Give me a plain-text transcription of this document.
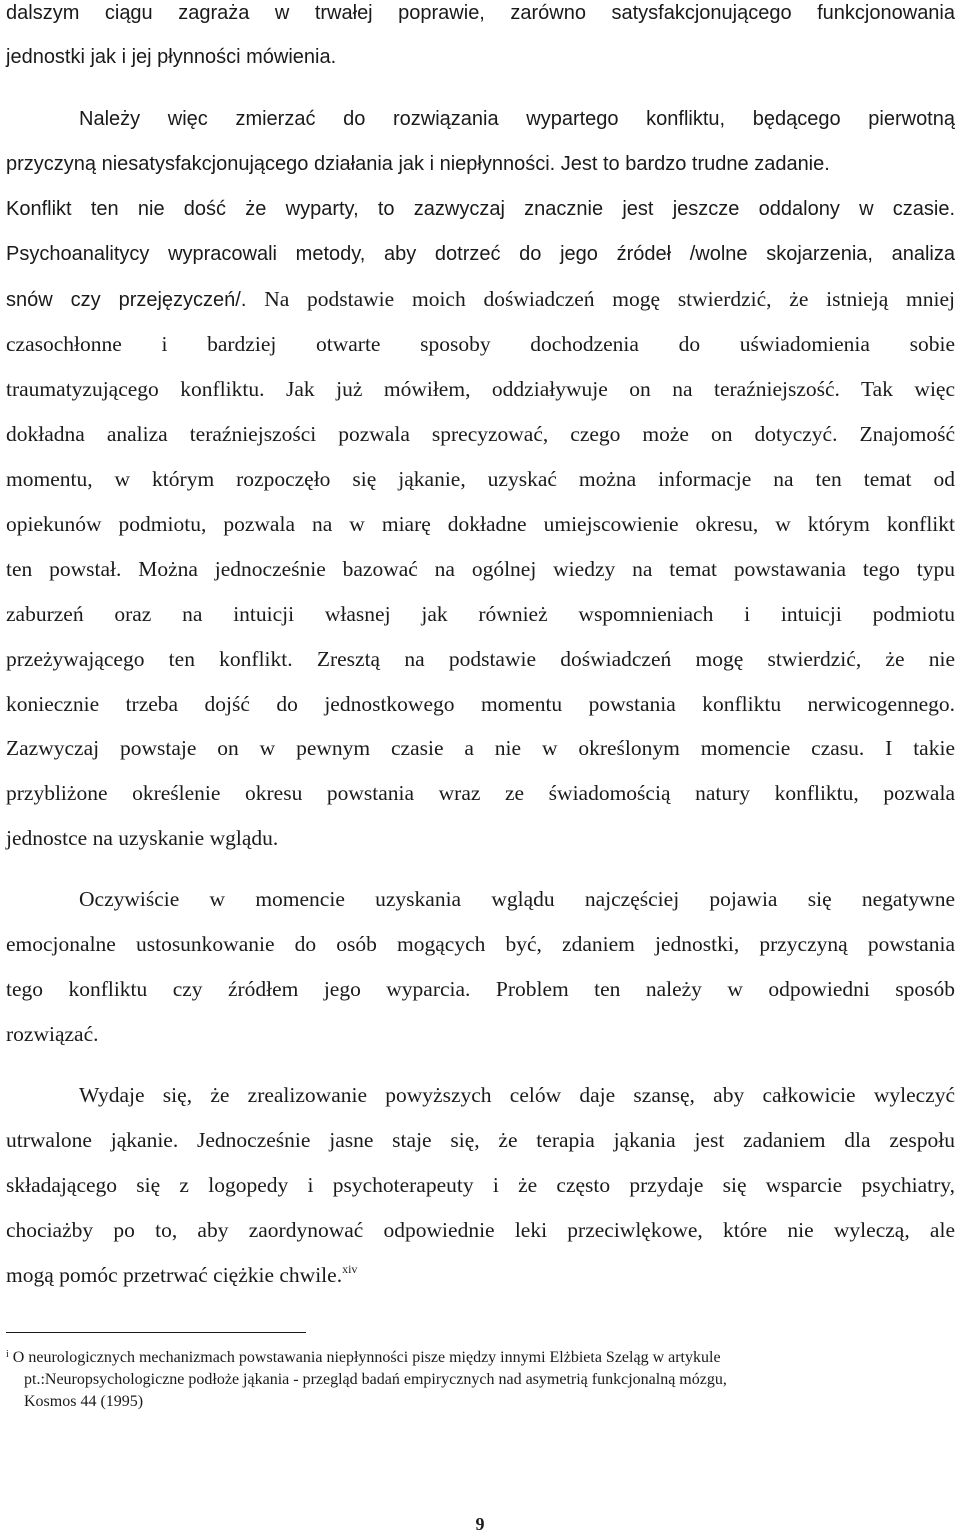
dalszym ciągu zagraża w trwałej poprawie, zarówno satysfakcjonującego funkcjonowania
jednostki jak i jej płynności mówienia.
Należy więc zmierzać do rozwiązania wypartego konfliktu, będącego pierwotną
przyczyną niesatysfakcjonującego działania jak i niepłynności. Jest to bardzo trudne zadanie.
Konflikt ten nie dość że wyparty, to zazwyczaj znacznie jest jeszcze oddalony w czasie.
Psychoanalitycy wypracowali metody, aby dotrzeć do jego źródeł /wolne skojarzenia, analiza
snów czy przejęzyczeń/. Na podstawie moich doświadczeń mogę stwierdzić, że istnieją mniej
czasochłonne i bardziej otwarte sposoby dochodzenia do uświadomienia sobie
traumatyzującego konfliktu. Jak już mówiłem, oddziaływuje on na teraźniejszość. Tak więc
dokładna analiza teraźniejszości pozwala sprecyzować, czego może on dotyczyć. Znajomość
momentu, w którym rozpoczęło się jąkanie, uzyskać można informacje na ten temat od
opiekunów podmiotu, pozwala na w miarę dokładne umiejscowienie okresu, w którym konflikt
ten powstał. Można jednocześnie bazować na ogólnej wiedzy na temat powstawania tego typu
zaburzeń oraz na intuicji własnej jak również wspomnieniach i intuicji podmiotu
przeżywającego ten konflikt. Zresztą na podstawie doświadczeń mogę stwierdzić, że nie
koniecznie trzeba dojść do jednostkowego momentu powstania konfliktu nerwicogennego.
Zazwyczaj powstaje on w pewnym czasie a nie w określonym momencie czasu. I takie
przybliżone określenie okresu powstania wraz ze świadomością natury konfliktu, pozwala
jednostce na uzyskanie wglądu.
Oczywiście w momencie uzyskania wglądu najczęściej pojawia się negatywne
emocjonalne ustosunkowanie do osób mogących być, zdaniem jednostki, przyczyną powstania
tego konfliktu czy źródłem jego wyparcia. Problem ten należy w odpowiedni sposób
rozwiązać.
Wydaje się, że zrealizowanie powyższych celów daje szansę, aby całkowicie wyleczyć
utrwalone jąkanie. Jednocześnie jasne staje się, że terapia jąkania jest zadaniem dla zespołu
składającego się z logopedy i psychoterapeuty i że często przydaje się wsparcie psychiatry,
chociażby po to, aby zaordynować odpowiednie leki przeciwlękowe, które nie wyleczą, ale
mogą pomóc przetrwać ciężkie chwile.$^{xiv}$
$^i$ O neurologicznych mechanizmach powstawania niepłynności pisze między innymi Elżbieta Szeląg w artykule
pt.:Neuropsychologiczne podłoże jąkania - przegląd badań empirycznych nad asymetrią funkcjonalną mózgu,
Kosmos 44 (1995)
9
